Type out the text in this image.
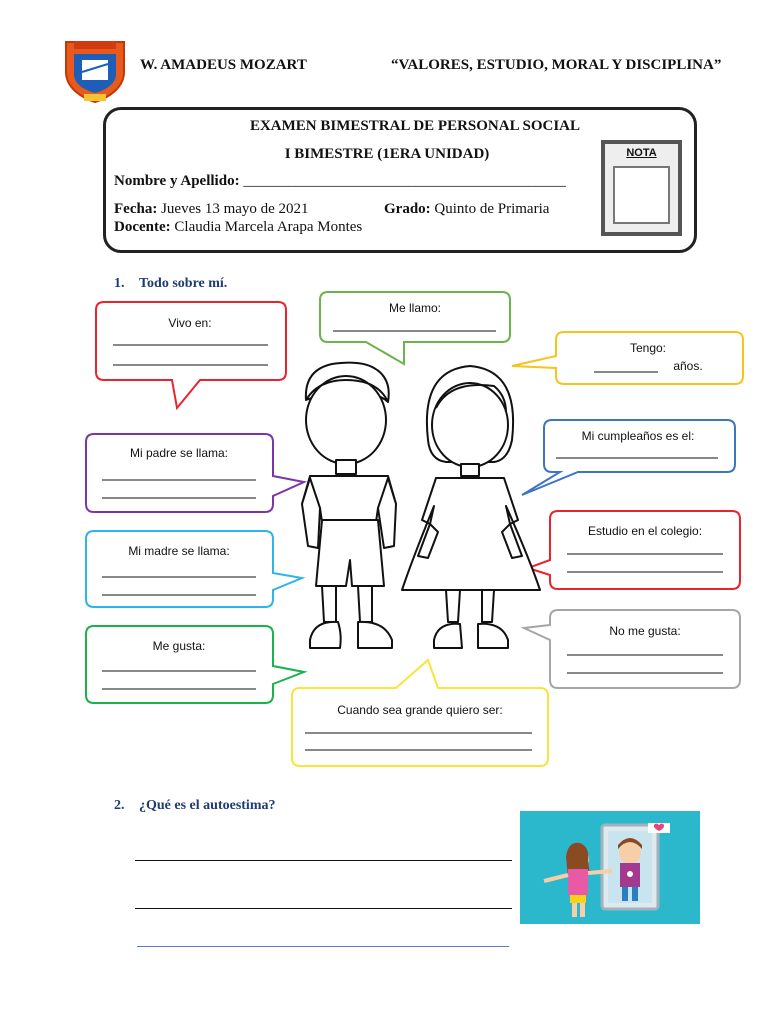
W. AMADEUS MOZART	“VALORES, ESTUDIO, MORAL Y DISCIPLINA”
EXAMEN BIMESTRAL DE PERSONAL SOCIAL
I BIMESTRE (1ERA UNIDAD)
Nombre y Apellido: ___________________________________________
Fecha: Jueves 13 mayo de 2021	Grado: Quinto de Primaria
Docente: Claudia Marcela Arapa Montes
NOTA
1. Todo sobre mí.
Vivo en:
Me llamo:
Tengo:
años.
Mi cumpleaños es el:
Mi padre se llama:
Estudio en el colegio:
Mi madre se llama:
No me gusta:
Me gusta:
Cuando sea grande quiero ser:
2. ¿Qué es el autoestima?
